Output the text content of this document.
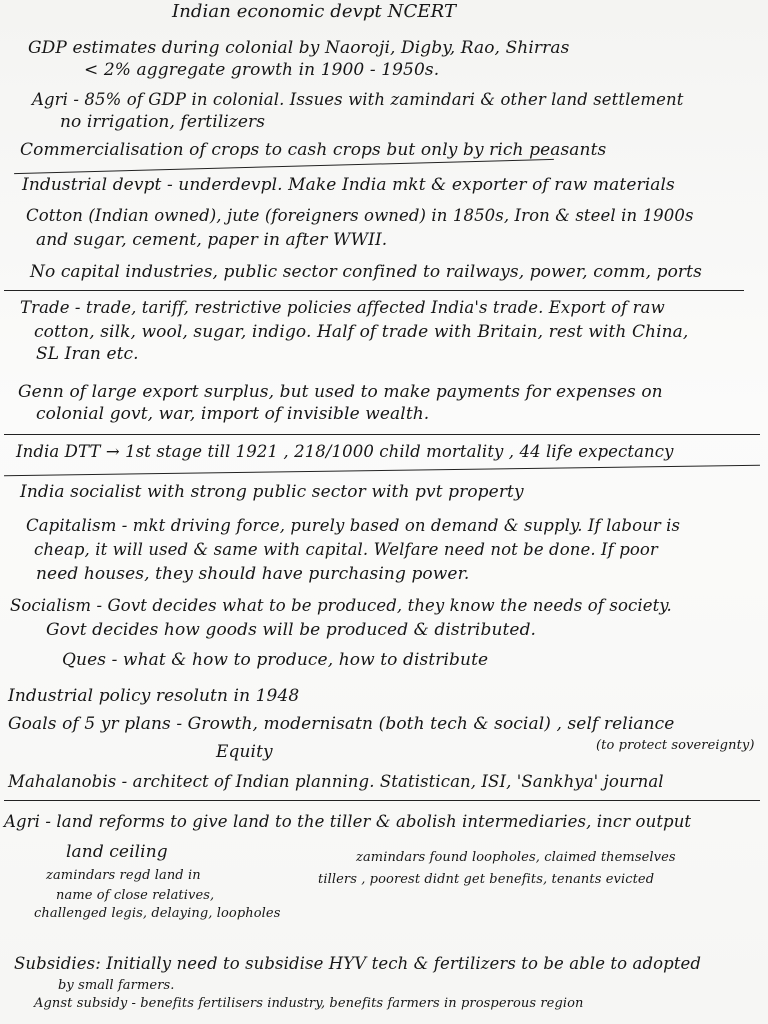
Indian economic devpt NCERT
GDP estimates during colonial by Naoroji, Digby, Rao, Shirras
< 2% aggregate growth in 1900 - 1950s.
Agri - 85% of GDP in colonial. Issues with zamindari & other land settlement
no irrigation, fertilizers
Commercialisation of crops to cash crops but only by rich peasants
Industrial devpt - underdevpl. Make India mkt & exporter of raw materials
Cotton (Indian owned), jute (foreigners owned) in 1850s, Iron & steel in 1900s
and sugar, cement, paper in after WWII.
No capital industries, public sector confined to railways, power, comm, ports
Trade - trade, tariff, restrictive policies affected India's trade. Export of raw
cotton, silk, wool, sugar, indigo. Half of trade with Britain, rest with China,
SL Iran etc.
Genn of large export surplus, but used to make payments for expenses on
colonial govt, war, import of invisible wealth.
India DTT → 1st stage till 1921 , 218/1000 child mortality , 44 life expectancy
India socialist with strong public sector with pvt property
Capitalism - mkt driving force, purely based on demand & supply. If labour is
cheap, it will used & same with capital. Welfare need not be done. If poor
need houses, they should have purchasing power.
Socialism - Govt decides what to be produced, they know the needs of society.
Govt decides how goods will be produced & distributed.
Ques - what & how to produce, how to distribute
Industrial policy resolutn in 1948
Goals of 5 yr plans - Growth, modernisatn (both tech & social) , self reliance
(to protect sovereignty)
Equity
Mahalanobis - architect of Indian planning. Statistican, ISI, 'Sankhya' journal
Agri - land reforms to give land to the tiller & abolish intermediaries, incr output
land ceiling	zamindars found loopholes, claimed themselves
zamindars regd land in	tillers , poorest didnt get benefits, tenants evicted
name of close relatives,
challenged legis, delaying, loopholes
Subsidies: Initially need to subsidise HYV tech & fertilizers to be able to adopted
by small farmers.
Agnst subsidy - benefits fertilisers industry, benefits farmers in prosperous region
